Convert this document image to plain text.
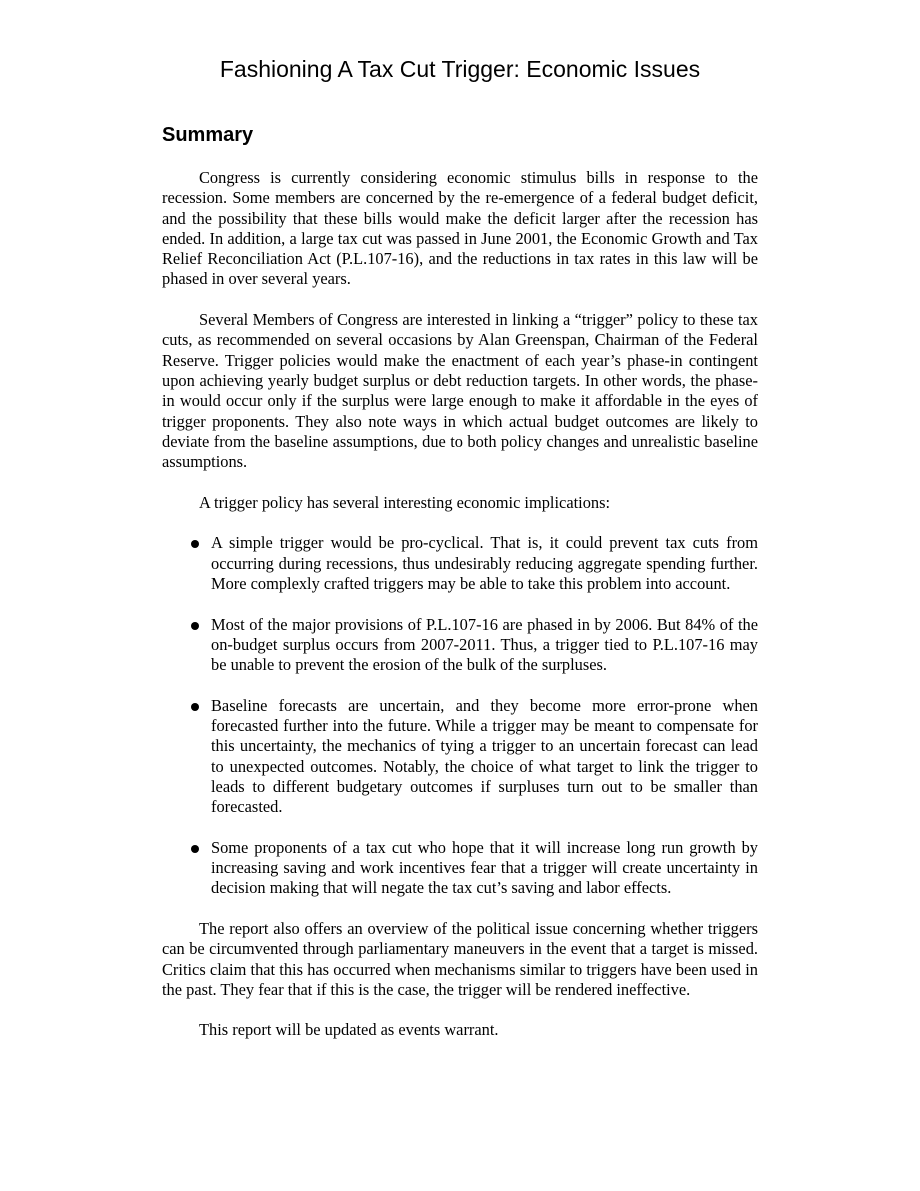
Fashioning A Tax Cut Trigger: Economic Issues
Summary

Congress is currently considering economic stimulus bills in response to the recession. Some members are concerned by the re-emergence of a federal budget deficit, and the possibility that these bills would make the deficit larger after the recession has ended. In addition, a large tax cut was passed in June 2001, the Economic Growth and Tax Relief Reconciliation Act (P.L.107-16), and the reductions in tax rates in this law will be phased in over several years.

Several Members of Congress are interested in linking a “trigger” policy to these tax cuts, as recommended on several occasions by Alan Greenspan, Chairman of the Federal Reserve. Trigger policies would make the enactment of each year’s phase-in contingent upon achieving yearly budget surplus or debt reduction targets. In other words, the phase-in would occur only if the surplus were large enough to make it affordable in the eyes of trigger proponents. They also note ways in which actual budget outcomes are likely to deviate from the baseline assumptions, due to both policy changes and unrealistic baseline assumptions.

A trigger policy has several interesting economic implications:

A simple trigger would be pro-cyclical. That is, it could prevent tax cuts from occurring during recessions, thus undesirably reducing aggregate spending further. More complexly crafted triggers may be able to take this problem into account.
Most of the major provisions of P.L.107-16 are phased in by 2006. But 84% of the on-budget surplus occurs from 2007-2011. Thus, a trigger tied to P.L.107-16 may be unable to prevent the erosion of the bulk of the surpluses.
Baseline forecasts are uncertain, and they become more error-prone when forecasted further into the future. While a trigger may be meant to compensate for this uncertainty, the mechanics of tying a trigger to an uncertain forecast can lead to unexpected outcomes. Notably, the choice of what target to link the trigger to leads to different budgetary outcomes if surpluses turn out to be smaller than forecasted.
Some proponents of a tax cut who hope that it will increase long run growth by increasing saving and work incentives fear that a trigger will create uncertainty in decision making that will negate the tax cut’s saving and labor effects.

The report also offers an overview of the political issue concerning whether triggers can be circumvented through parliamentary maneuvers in the event that a target is missed. Critics claim that this has occurred when mechanisms similar to triggers have been used in the past. They fear that if this is the case, the trigger will be rendered ineffective.

This report will be updated as events warrant.
